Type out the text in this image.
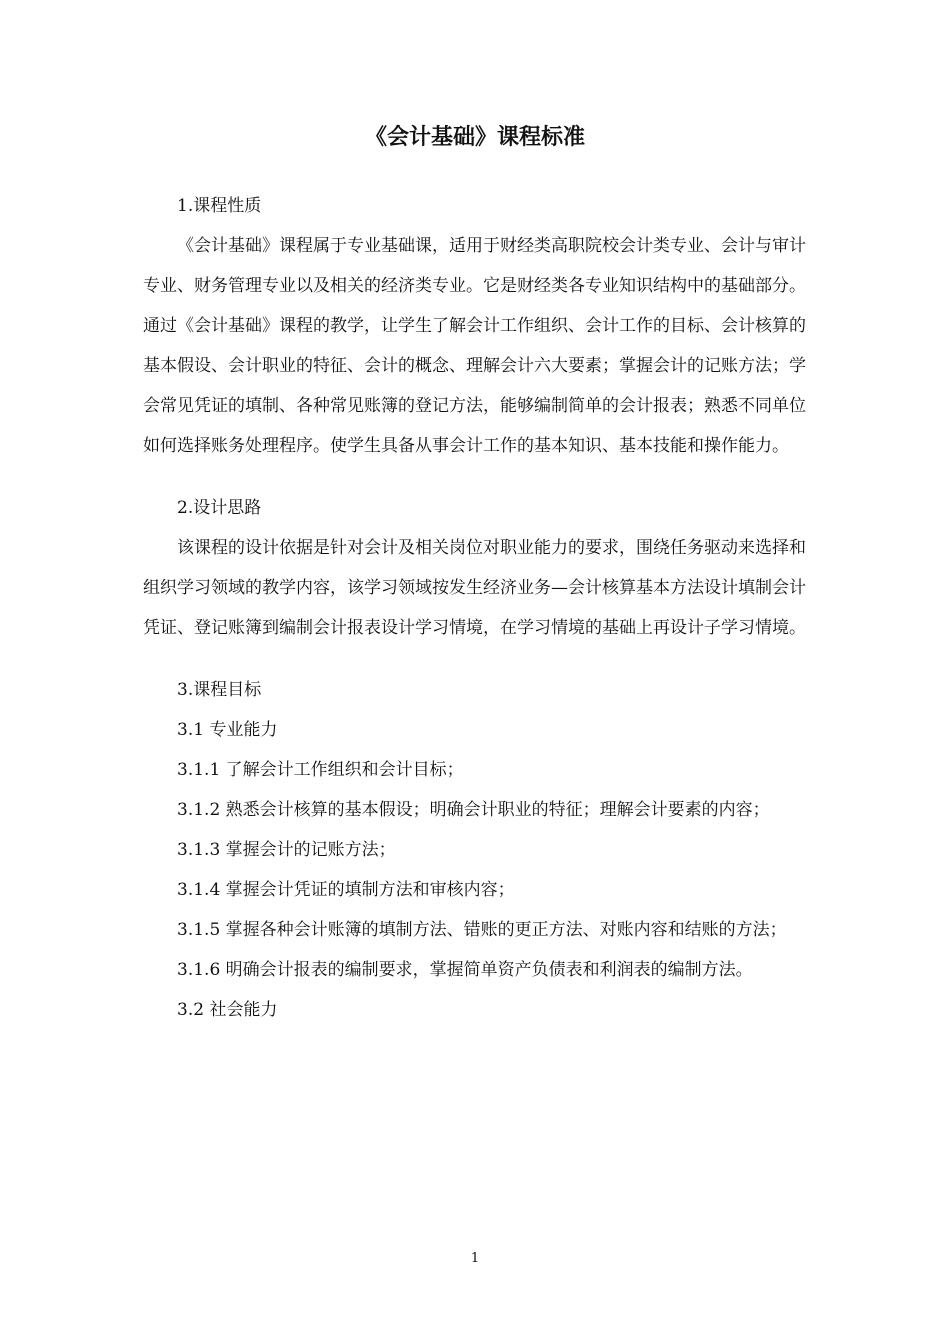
《会计基础》课程标准

1.课程性质

《会计基础》课程属于专业基础课，适用于财经类高职院校会计类专业、会计与审计专业、财务管理专业以及相关的经济类专业。它是财经类各专业知识结构中的基础部分。通过《会计基础》课程的教学，让学生了解会计工作组织、会计工作的目标、会计核算的基本假设、会计职业的特征、会计的概念、理解会计六大要素；掌握会计的记账方法；学会常见凭证的填制、各种常见账簿的登记方法，能够编制简单的会计报表；熟悉不同单位如何选择账务处理程序。使学生具备从事会计工作的基本知识、基本技能和操作能力。

2.设计思路

该课程的设计依据是针对会计及相关岗位对职业能力的要求，围绕任务驱动来选择和组织学习领域的教学内容，该学习领域按发生经济业务—会计核算基本方法设计填制会计凭证、登记账簿到编制会计报表设计学习情境，在学习情境的基础上再设计子学习情境。

3.课程目标

3.1 专业能力

3.1.1 了解会计工作组织和会计目标；

3.1.2 熟悉会计核算的基本假设；明确会计职业的特征；理解会计要素的内容；

3.1.3 掌握会计的记账方法；

3.1.4 掌握会计凭证的填制方法和审核内容；

3.1.5 掌握各种会计账簿的填制方法、错账的更正方法、对账内容和结账的方法；

3.1.6 明确会计报表的编制要求，掌握简单资产负债表和利润表的编制方法。

3.2 社会能力

1
